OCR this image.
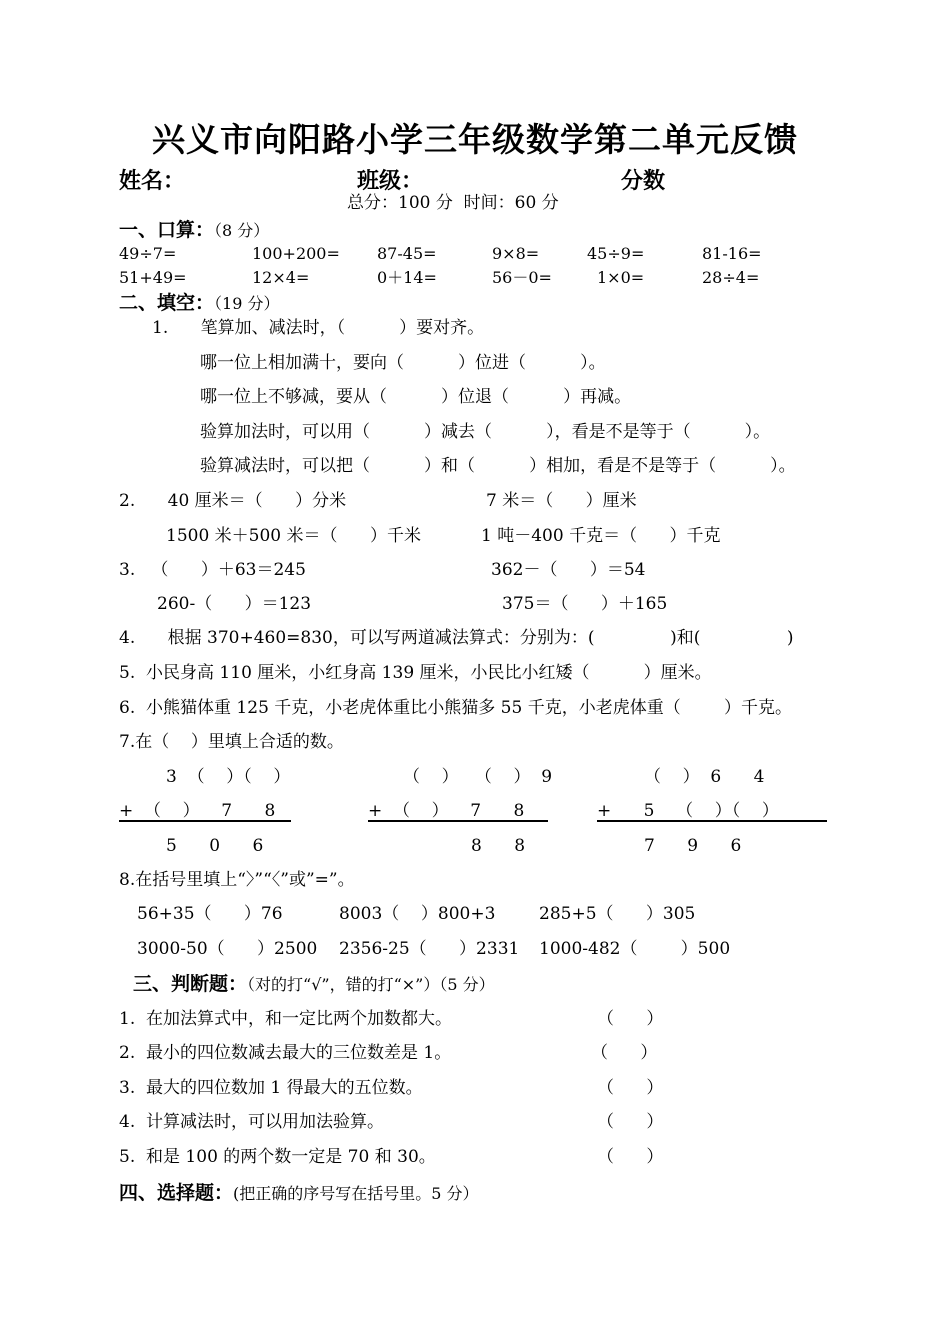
兴义市向阳路小学三年级数学第二单元反馈
姓名：	班级：	分数
总分：100 分  时间：60 分
一、口算：（8 分）
49÷7=	100+200= 87-45=	9×8=	45÷9=	81-16=
51+49=	12×4=	0＋14=	56－0=	1×0=	28÷4=
二、填空：（19 分）
1.      笔算加、减法时，（          ）要对齐。
哪一位上相加满十，要向（          ）位进（          ）。
哪一位上不够减，要从（          ）位退（          ）再减。
验算加法时，可以用（          ）减去（          ），看是不是等于（          ）。
验算减法时，可以把（          ）和（          ）相加，看是不是等于（          ）。
2.      40 厘米＝（      ）分米	7 米＝（      ）厘米
1500 米＋500 米＝（      ）千米	1 吨－400 千克＝（      ）千克
3.   （      ）＋63＝245	362－（      ）＝54
260-（      ）＝123	375＝（      ）＋165
4.      根据 370+460=830，可以写两道减法算式：分别为：(              )和(                )
5.  小民身高 110 厘米，小红身高 139 厘米，小民比小红矮（          ）厘米。
6.  小熊猫体重 125 千克，小老虎体重比小熊猫多 55 千克，小老虎体重（        ）千克。
7.在（    ）里填上合适的数。
3  （    ）（    ）
+  （    ）    7      8
5      0      6
（    ）   （    ）  9
+  （    ）    7      8
8      8
（    ）  6      4
+      5    （    ）（    ）
7      9      6
8.在括号里填上“〉”“〈”或”=”。
56+35（      ）76	8003（    ）800+3	285+5（      ）305
3000-50（      ）2500 2356-25（      ）2331 1000-482（        ）500
三、判断题：（对的打“√”，错的打“×”）（5 分）
1.  在加法算式中，和一定比两个加数都大。	（      ）
2.  最小的四位数减去最大的三位数差是 1。	（      ）
3.  最大的四位数加 1 得最大的五位数。	（      ）
4.  计算减法时，可以用加法验算。	（      ）
5.  和是 100 的两个数一定是 70 和 30。	（      ）
四、选择题：(把正确的序号写在括号里。5 分）
